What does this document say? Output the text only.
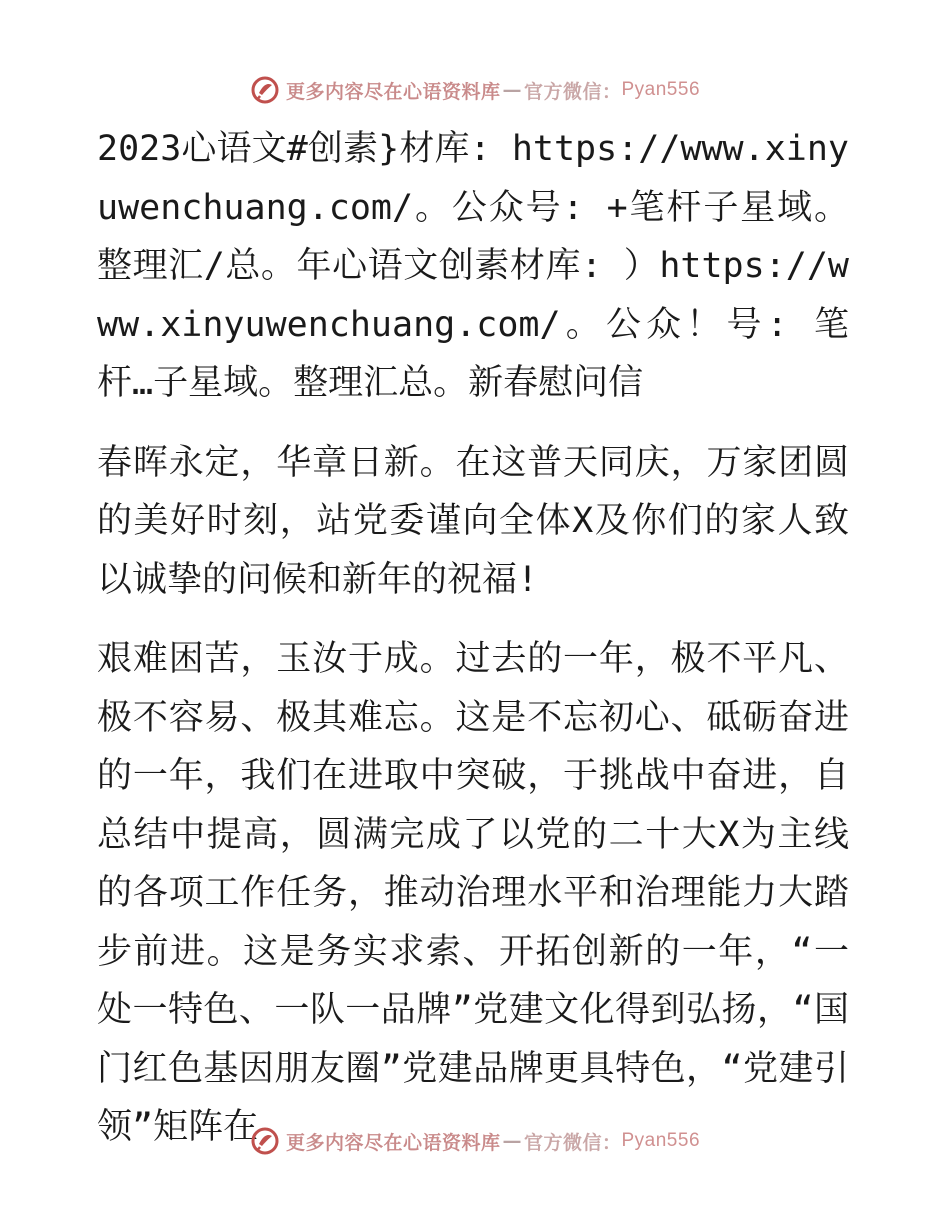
更多内容尽在心语资料库 — 官方微信： Pyan556

2023心语文#创素}材库: https://www.xinyuwenchuang.com/。公众号: +笔杆子星域。整理汇/总。年心语文创素材库: ）https://www.xinyuwenchuang.com/。公众！号: 笔杆…子星域。整理汇总。新春慰问信

春晖永定，华章日新。在这普天同庆，万家团圆的美好时刻，站党委谨向全体X及你们的家人致以诚挚的问候和新年的祝福!

艰难困苦，玉汝于成。过去的一年，极不平凡、极不容易、极其难忘。这是不忘初心、砥砺奋进的一年，我们在进取中突破，于挑战中奋进，自总结中提高，圆满完成了以党的二十大X为主线的各项工作任务，推动治理水平和治理能力大踏步前进。这是务实求索、开拓创新的一年，“一处一特色、一队一品牌”党建文化得到弘扬，“国门红色基因朋友圈”党建品牌更具特色，“党建引领”矩阵在	更多内容尽在心语资料库 — 官方微信： Pyan556
